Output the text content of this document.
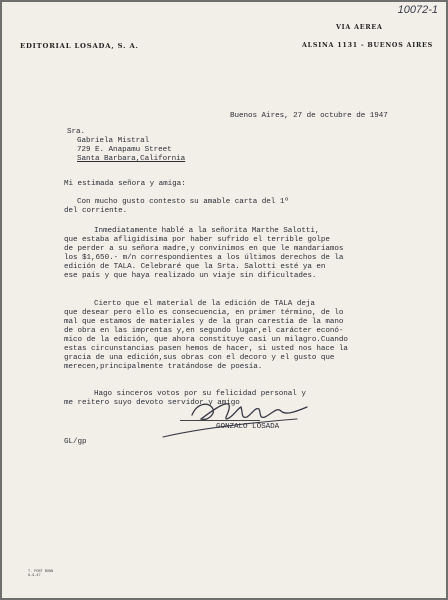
10072-1
VIA AEREA
EDITORIAL LOSADA, S. A.	ALSINA 1131 - BUENOS AIRES
Buenos Aires, 27 de octubre de 1947
Sra.
Gabriela Mistral
729 E. Anapamu Street
Santa Barbara,California
Mi estimada señora y amiga:
Con mucho gusto contesto su amable carta del 1º
del corriente.
Inmediatamente hablé a la señorita Marthe Salotti,
que estaba afligidísima por haber sufrido el terrible golpe
de perder a su señora madre,y convinimos en que le mandaríamos
los $1,650.- m/n correspondientes a los últimos derechos de la
edición de TALA. Celebraré que la Srta. Salotti esté ya en
ese país y que haya realizado un viaje sin dificultades.
Cierto que el material de la edición de TALA deja
que desear pero ello es consecuencia, en primer término, de lo
mal que estamos de materiales y de la gran carestía de la mano
de obra en las imprentas y,en segundo lugar,el carácter econó-
mico de la edición, que ahora constituye casi un milagro.Cuando
estas circunstancias pasen hemos de hacer, si usted nos hace la
gracia de una edición,sus obras con el decoro y el gusto que
merecen,principalmente tratándose de poesía.
Hago sinceros votos por su felicidad personal y
me reitero suyo devoto servidor y amigo
GONZALO LOSADA
GL/gp
T. PORT BONN
8-9-47
